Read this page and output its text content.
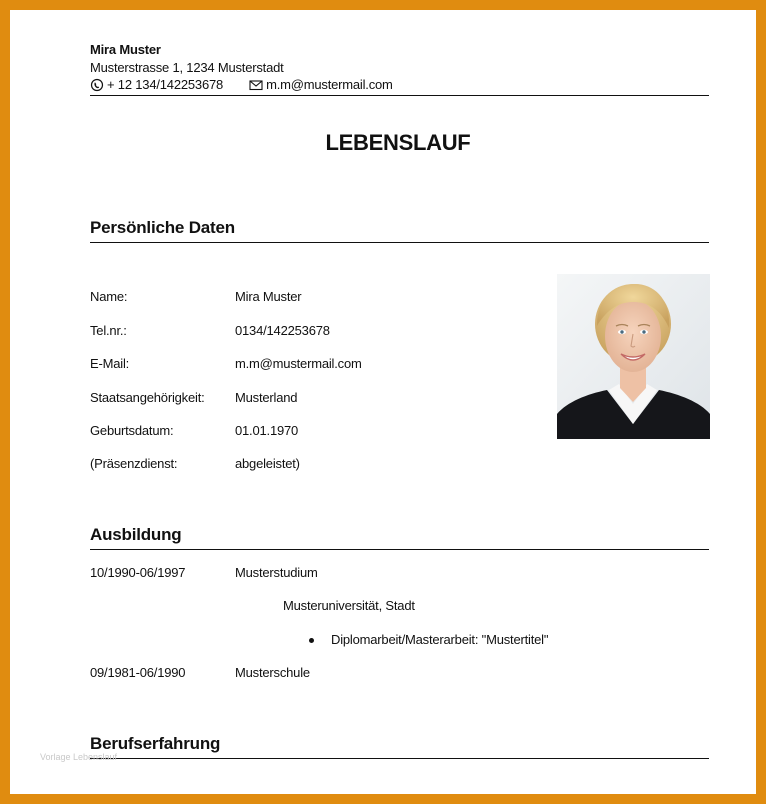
Mira Muster
Musterstrasse 1, 1234 Musterstadt
+ 12 134/142253678	m.m@mustermail.com
LEBENSLAUF
Persönliche Daten
Name:	Mira Muster
Tel.nr.:	0134/142253678
E-Mail:	m.m@mustermail.com
Staatsangehörigkeit: Musterland
Geburtsdatum:	01.01.1970
(Präsenzdienst:	abgeleistet)
Ausbildung
10/1990-06/1997	Musterstudium
Musteruniversität, Stadt
Diplomarbeit/Masterarbeit: "Mustertitel"
09/1981-06/1990	Musterschule
Berufserfahrung
Vorlage Lebenslauf
